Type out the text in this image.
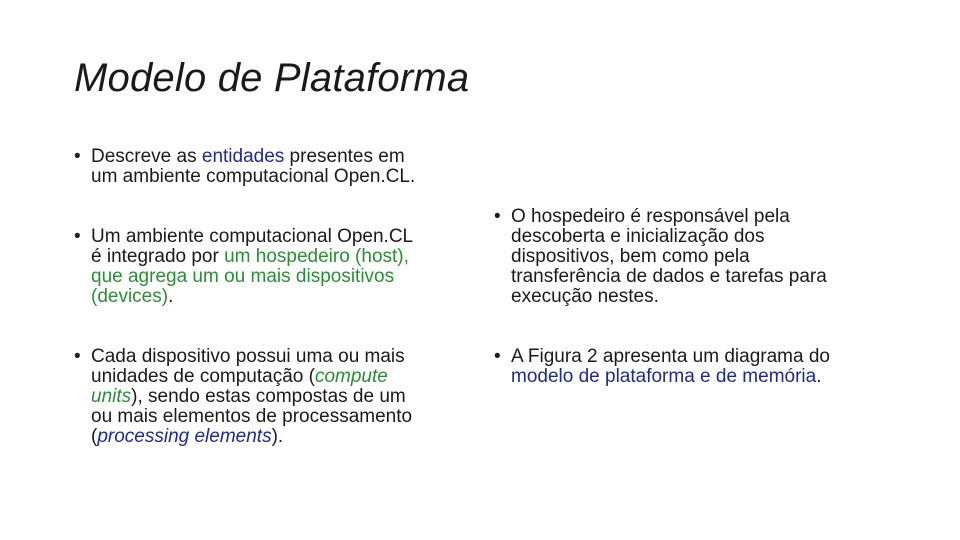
Modelo de Plataforma
• Descreve as entidades presentes em
um ambiente computacional Open.CL.
• Um ambiente computacional Open.CL
é integrado por um hospedeiro (host),
que agrega um ou mais dispositivos
(devices).
• Cada dispositivo possui uma ou mais
unidades de computação (compute
units), sendo estas compostas de um
ou mais elementos de processamento
(processing elements).
• O hospedeiro é responsável pela
descoberta e inicialização dos
dispositivos, bem como pela
transferência de dados e tarefas para
execução nestes.
• A Figura 2 apresenta um diagrama do
modelo de plataforma e de memória.
